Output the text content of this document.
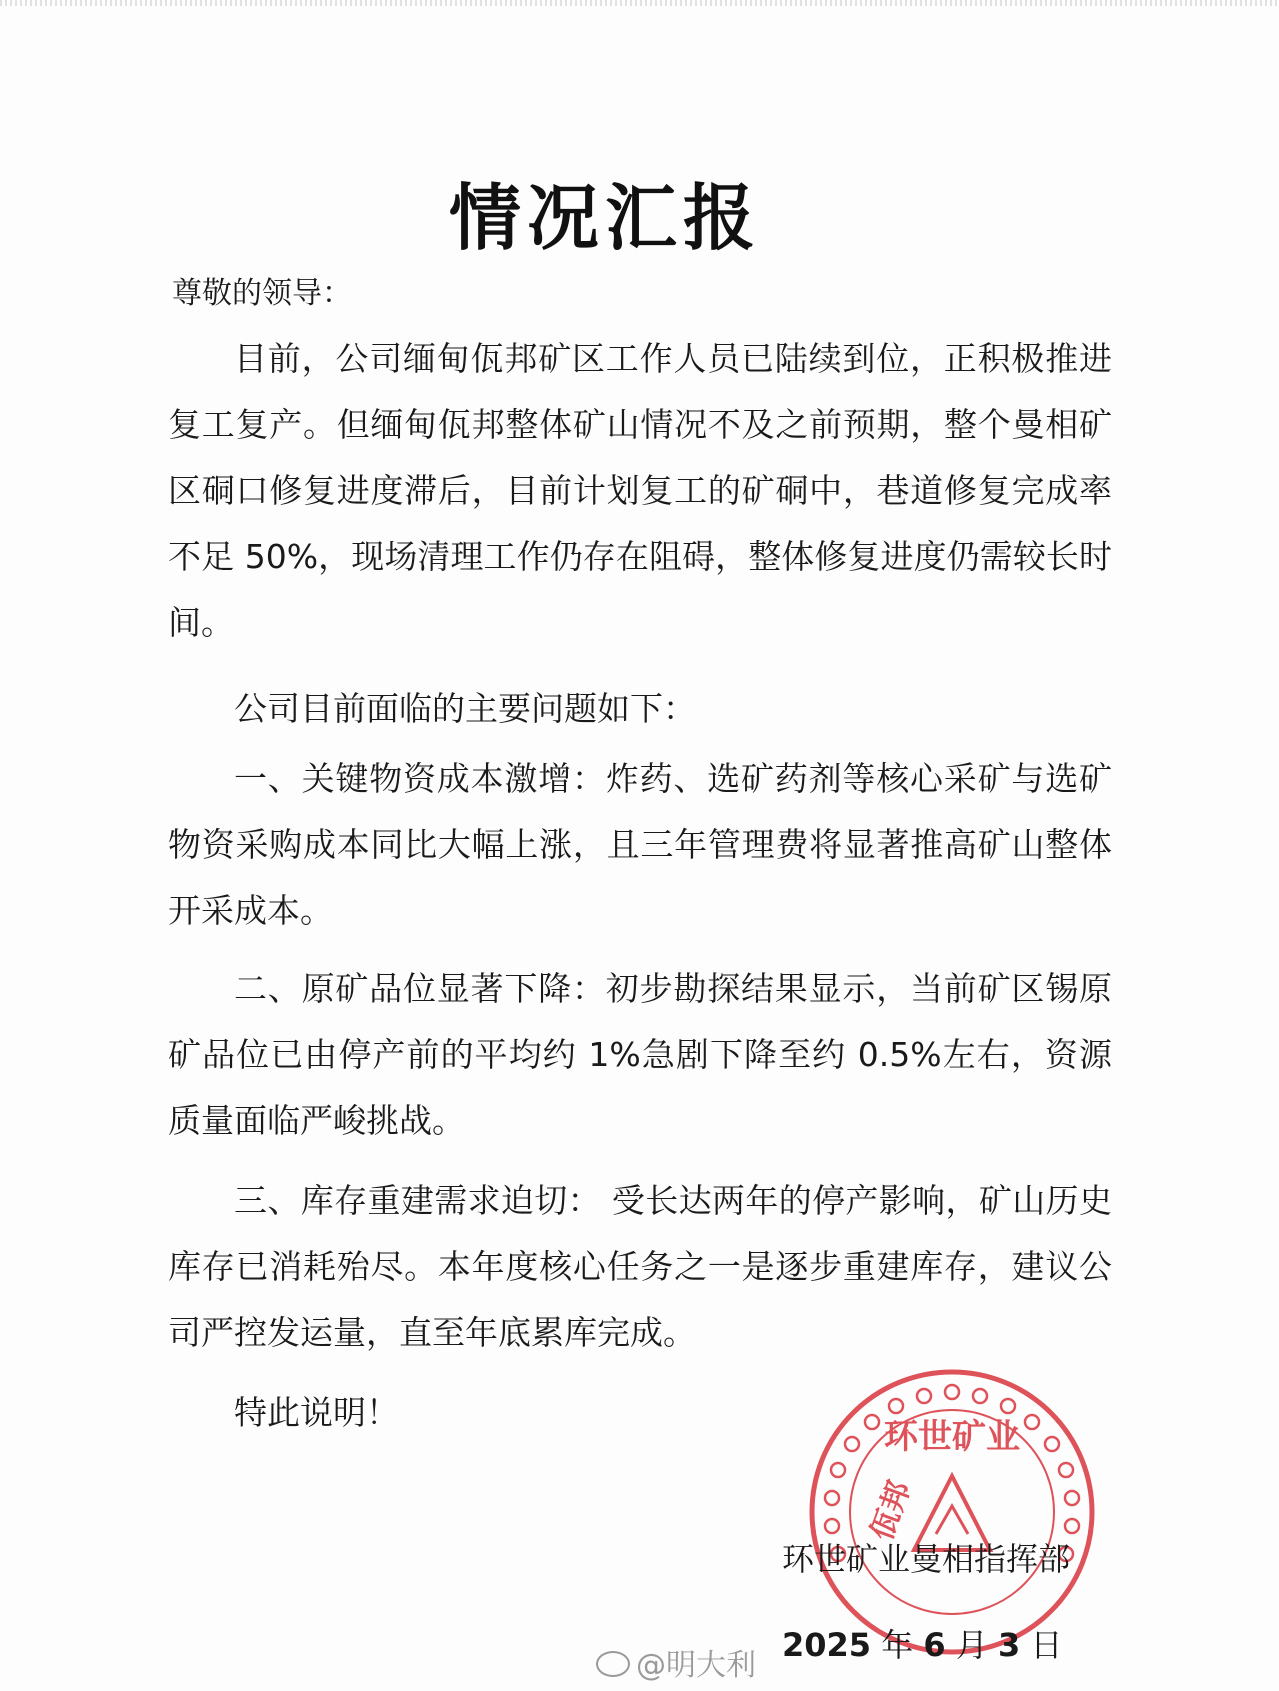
情况汇报
尊敬的领导：
目前，公司缅甸佤邦矿区工作人员已陆续到位，正积极推进 复工复产。但缅甸佤邦整体矿山情况不及之前预期，整个曼相矿区硐口修复进度滞后，目前计划复工的矿硐中，巷道修复完成率不足 50%，现场清理工作仍存在阻碍，整体修复进度仍需较长时间。
公司目前面临的主要问题如下：
一、关键物资成本激增：炸药、选矿药剂等核心采矿与选矿物资采购成本同比大幅上涨，且三年管理费将显著推高矿山整体开采成本。
二、原矿品位显著下降：初步勘探结果显示，当前矿区锡原矿品位已由停产前的平均约 1%急剧下降至约 0.5%左右，资源质量面临严峻挑战。
三、库存重建需求迫切： 受长达两年的停产影响，矿山历史库存已消耗殆尽。本年度核心任务之一是逐步重建库存，建议公司严控发运量，直至年底累库完成。
特此说明！
环世矿业
佤邦
环世矿业曼相指挥部
2025 年 6 月 3 日
@明大利
